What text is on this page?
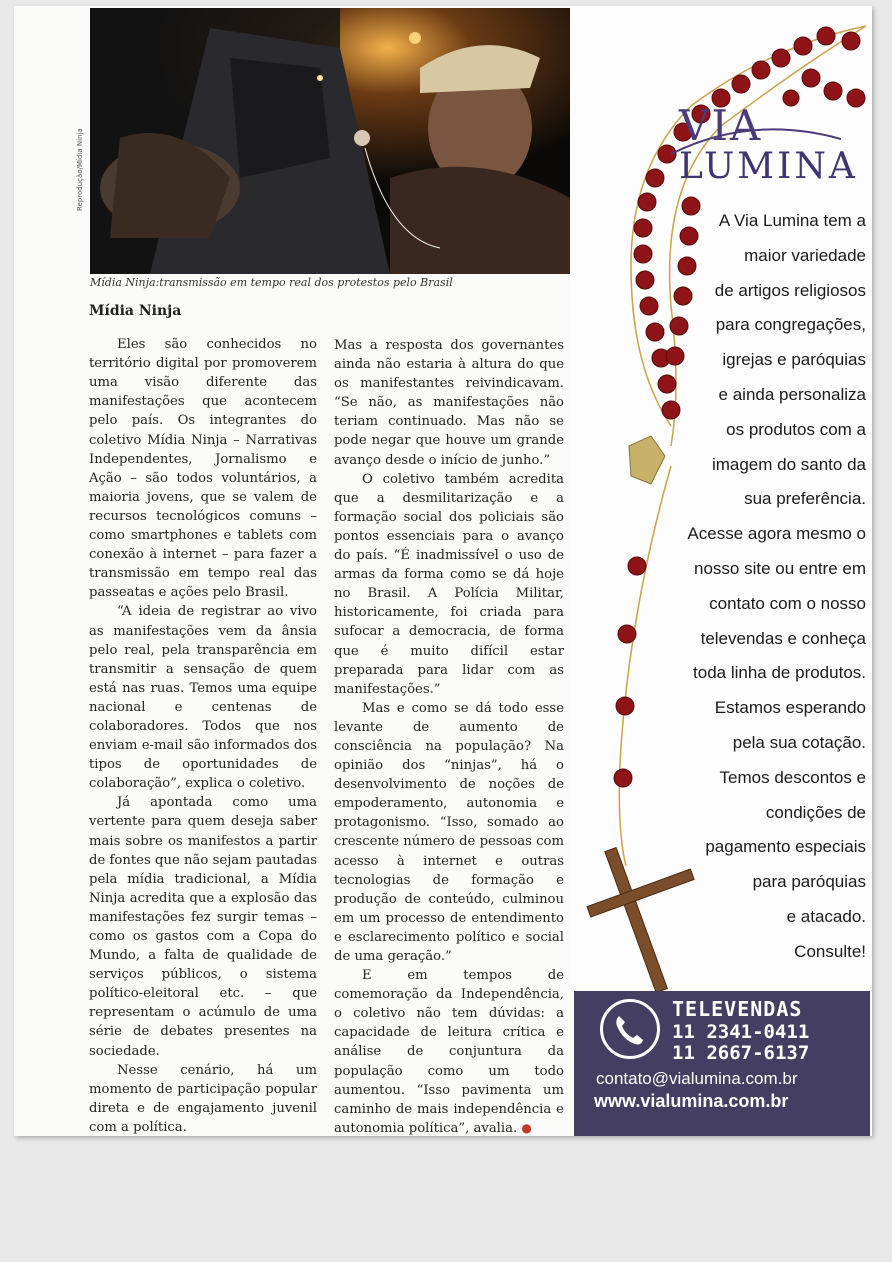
Reprodução/Mídia Ninja
Mídia Ninja:transmissão em tempo real dos protestos pelo Brasil
Mídia Ninja

Eles são conhecidos no território digital por promoverem uma visão diferente das manifestações que acontecem pelo país. Os integrantes do coletivo Mídia Ninja – Narrativas Independentes, Jornalismo e Ação – são todos voluntários, a maioria jovens, que se valem de recursos tecnológicos comuns – como smartphones e tablets com conexão à internet – para fazer a transmissão em tempo real das passeatas e ações pelo Brasil.

“A ideia de registrar ao vivo as manifestações vem da ânsia pelo real, pela transparência em transmitir a sensação de quem está nas ruas. Temos uma equipe nacional e centenas de colaboradores. Todos que nos enviam e-mail são informados dos tipos de oportunidades de colaboração”, explica o coletivo.

Já apontada como uma vertente para quem deseja saber mais sobre os manifestos a partir de fontes que não sejam pautadas pela mídia tradicional, a Mídia Ninja acredita que a explosão das manifestações fez surgir temas – como os gastos com a Copa do Mundo, a falta de qualidade de serviços públicos, o sistema político-eleitoral etc. – que representam o acúmulo de uma série de debates presentes na sociedade.

Nesse cenário, há um momento de participação popular direta e de engajamento juvenil com a política.

Mas a resposta dos governantes ainda não estaria à altura do que os manifestantes reivindicavam. “Se não, as manifestações não teriam continuado. Mas não se pode negar que houve um grande avanço desde o início de junho.”

O coletivo também acredita que a desmilitarização e a formação social dos policiais são pontos essenciais para o avanço do país. “É inadmissível o uso de armas da forma como se dá hoje no Brasil. A Polícia Militar, historicamente, foi criada para sufocar a democracia, de forma que é muito difícil estar preparada para lidar com as manifestações.”

Mas e como se dá todo esse levante de aumento de consciência na população? Na opinião dos “ninjas”, há o desenvolvimento de noções de empoderamento, autonomia e protagonismo. “Isso, somado ao crescente número de pessoas com acesso à internet e outras tecnologias de formação e produção de conteúdo, culminou em um processo de entendimento e esclarecimento político e social de uma geração.”

E em tempos de comemoração da Independência, o coletivo não tem dúvidas: a capacidade de leitura crítica e análise de conjuntura da população como um todo aumentou. “Isso pavimenta um caminho de mais independência e autonomia política”, avalia. ●

VIA
LUMINA
A Via Lumina tem a
maior variedade
de artigos religiosos
para congregações,
igrejas e paróquias
e ainda personaliza
os produtos com a
imagem do santo da
sua preferência.
Acesse agora mesmo o
nosso site ou entre em
contato com o nosso
televendas e conheça
toda linha de produtos.
Estamos esperando
pela sua cotação.
Temos descontos e
condições de
pagamento especiais
para paróquias
e atacado.
Consulte!
TELEVENDAS
11 2341-0411
11 2667-6137
contato@vialumina.com.br
www.vialumina.com.br
